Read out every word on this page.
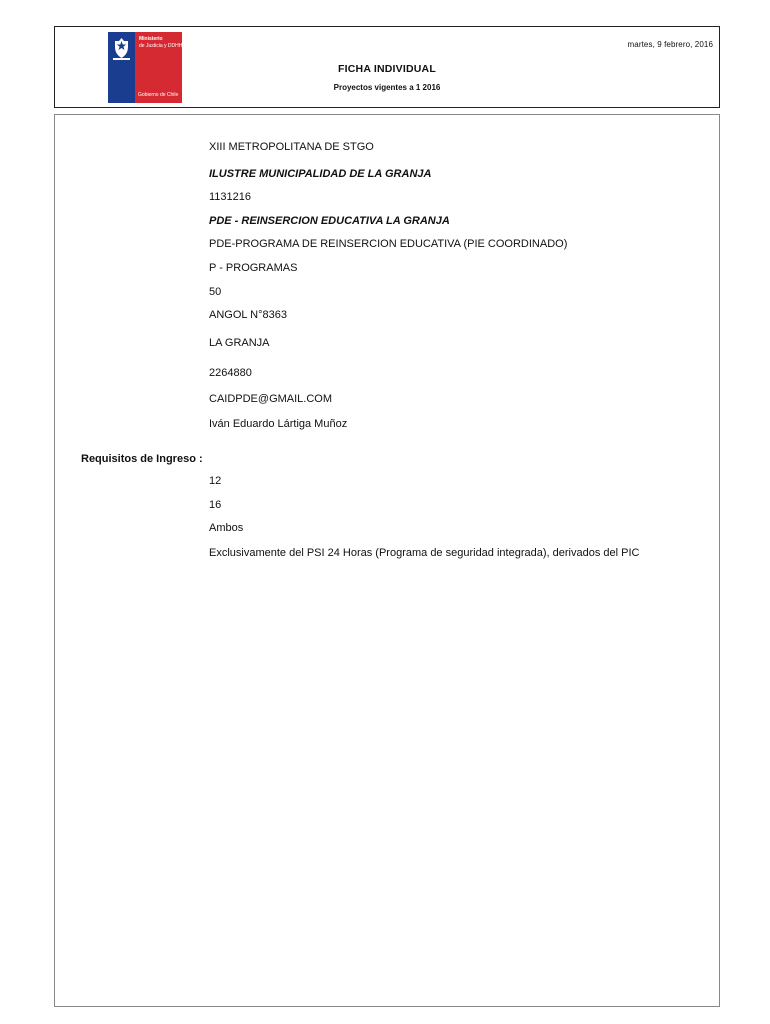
Ministerio
de Justicia y DDHH
Gobierno de Chile
martes, 9 febrero, 2016
FICHA INDIVIDUAL
Proyectos vigentes a 1 2016
XIII METROPOLITANA DE STGO
ILUSTRE MUNICIPALIDAD DE LA GRANJA
1131216
PDE - REINSERCION EDUCATIVA LA GRANJA
PDE-PROGRAMA DE REINSERCION EDUCATIVA (PIE COORDINADO)
P - PROGRAMAS
50
ANGOL N°8363
LA GRANJA
2264880
CAIDPDE@GMAIL.COM
Iván Eduardo Lártiga Muñoz
Requisitos de Ingreso :
12
16
Ambos
Exclusivamente del PSI 24 Horas (Programa de seguridad integrada), derivados del PIC
